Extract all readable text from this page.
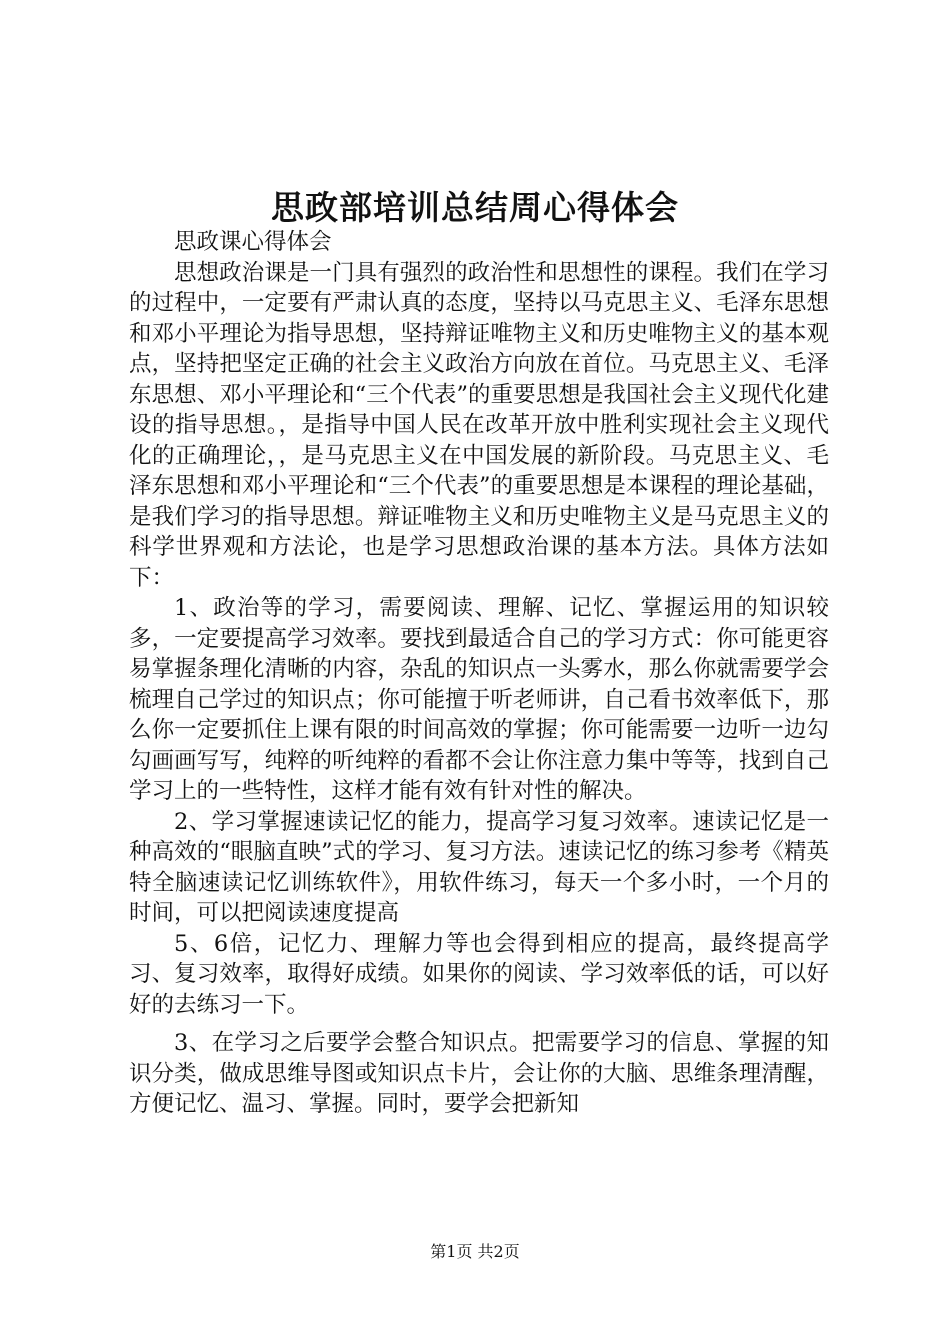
思政部培训总结周心得体会

思政课心得体会

思想政治课是一门具有强烈的政治性和思想性的课程。我们在学习的过程中，一定要有严肃认真的态度，坚持以马克思主义、毛泽东思想和邓小平理论为指导思想，坚持辩证唯物主义和历史唯物主义的基本观点，坚持把坚定正确的社会主义政治方向放在首位。马克思主义、毛泽东思想、邓小平理论和“三个代表”的重要思想是我国社会主义现代化建设的指导思想。，是指导中国人民在改革开放中胜利实现社会主义现代化的正确理论，，是马克思主义在中国发展的新阶段。马克思主义、毛泽东思想和邓小平理论和“三个代表”的重要思想是本课程的理论基础，是我们学习的指导思想。辩证唯物主义和历史唯物主义是马克思主义的科学世界观和方法论，也是学习思想政治课的基本方法。具体方法如下：

1、政治等的学习，需要阅读、理解、记忆、掌握运用的知识较多，一定要提高学习效率。要找到最适合自己的学习方式：你可能更容易掌握条理化清晰的内容，杂乱的知识点一头雾水，那么你就需要学会梳理自己学过的知识点；你可能擅于听老师讲，自己看书效率低下，那么你一定要抓住上课有限的时间高效的掌握；你可能需要一边听一边勾勾画画写写，纯粹的听纯粹的看都不会让你注意力集中等等，找到自己学习上的一些特性，这样才能有效有针对性的解决。

2、学习掌握速读记忆的能力，提高学习复习效率。速读记忆是一种高效的“眼脑直映”式的学习、复习方法。速读记忆的练习参考《精英特全脑速读记忆训练软件》，用软件练习，每天一个多小时，一个月的时间，可以把阅读速度提高

5、6倍，记忆力、理解力等也会得到相应的提高，最终提高学习、复习效率，取得好成绩。如果你的阅读、学习效率低的话，可以好好的去练习一下。

3、在学习之后要学会整合知识点。把需要学习的信息、掌握的知识分类，做成思维导图或知识点卡片，会让你的大脑、思维条理清醒，方便记忆、温习、掌握。同时，要学会把新知

第1页 共2页
